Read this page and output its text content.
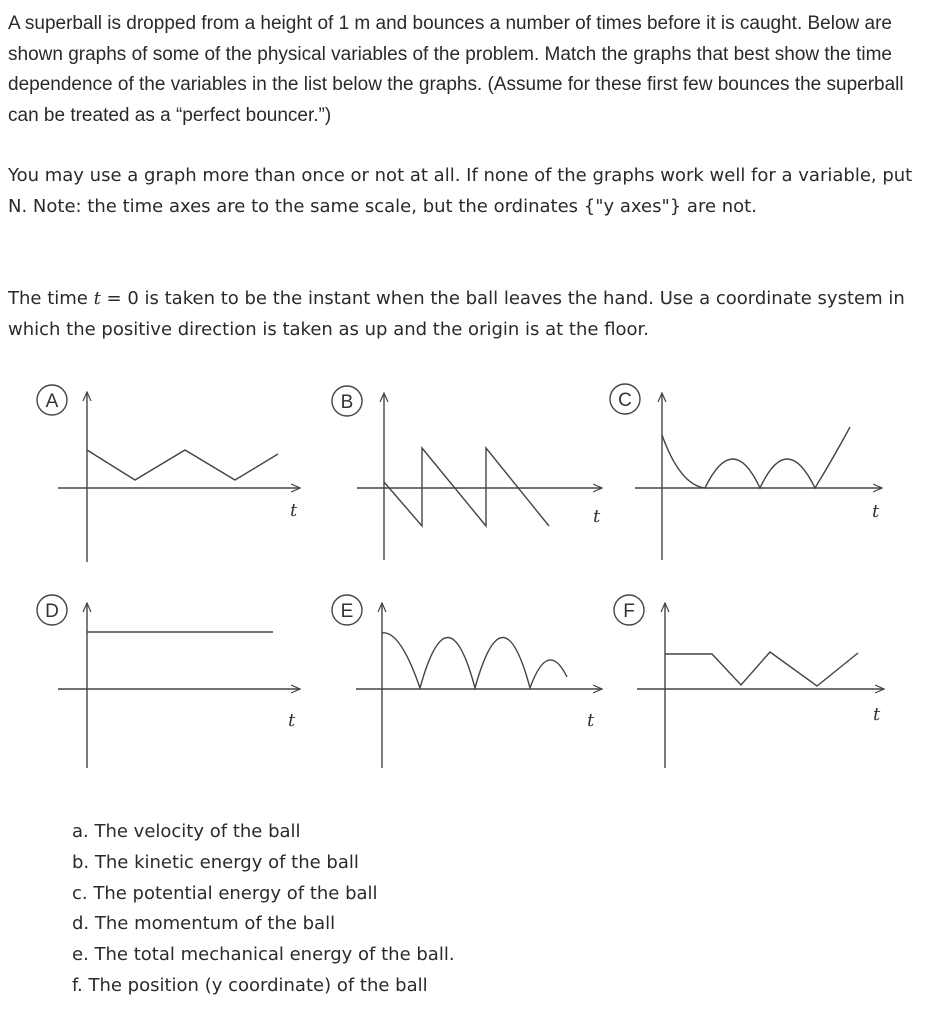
A superball is dropped from a height of 1 m and bounces a number of times before it is caught. Below are shown graphs of some of the physical variables of the problem. Match the graphs that best show the time dependence of the variables in the list below the graphs. (Assume for these first few bounces the superball can be treated as a “perfect bouncer.”)

You may use a graph more than once or not at all. If none of the graphs work well for a variable, put N. Note: the time axes are to the same scale, but the ordinates {"y axes"} are not.

The time t = 0 is taken to be the instant when the ball leaves the hand. Use a coordinate system in which the positive direction is taken as up and the origin is at the floor.

A
t
B
t
C
t
D
t
E
t
F
t
a. The velocity of the ball
b. The kinetic energy of the ball
c. The potential energy of the ball
d. The momentum of the ball
e. The total mechanical energy of the ball.
f. The position (y coordinate) of the ball
